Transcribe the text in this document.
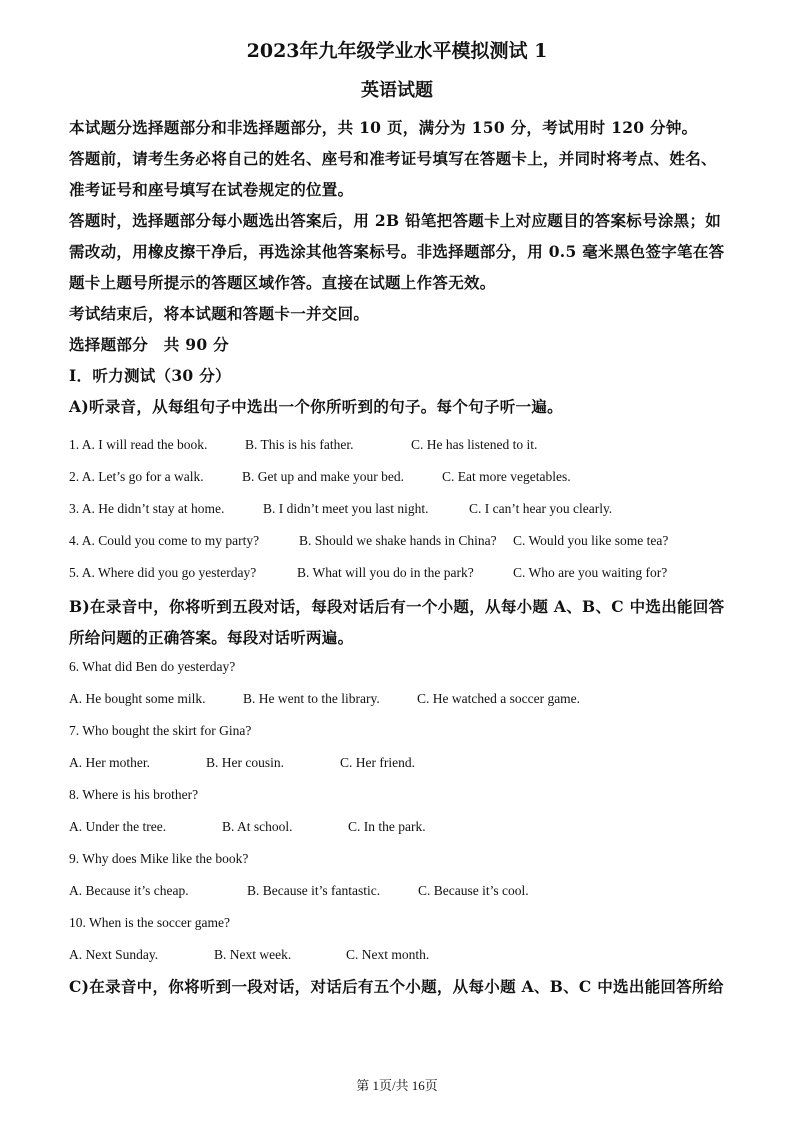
2023年九年级学业水平模拟测试 1
英语试题
本试题分选择题部分和非选择题部分，共 10 页，满分为 150 分，考试用时 120 分钟。
答题前，请考生务必将自己的姓名、座号和准考证号填写在答题卡上，并同时将考点、姓名、
准考证号和座号填写在试卷规定的位置。
答题时，选择题部分每小题选出答案后，用 2B 铅笔把答题卡上对应题目的答案标号涂黑；如
需改动，用橡皮擦干净后，再选涂其他答案标号。非选择题部分，用 0.5 毫米黑色签字笔在答
题卡上题号所提示的答题区域作答。直接在试题上作答无效。
考试结束后，将本试题和答题卡一并交回。
选择题部分　共 90 分
I．听力测试（30 分）
A)听录音，从每组句子中选出一个你所听到的句子。每个句子听一遍。
1. A. I will read the book.	B. This is his father.	C. He has listened to it.
2. A. Let’s go for a walk.	B. Get up and make your bed.	C. Eat more vegetables.
3. A. He didn’t stay at home.	B. I didn’t meet you last night.	C. I can’t hear you clearly.
4. A. Could you come to my party?	B. Should we shake hands in China? C. Would you like some tea?
5. A. Where did you go yesterday?	B. What will you do in the park?	C. Who are you waiting for?
B)在录音中，你将听到五段对话，每段对话后有一个小题，从每小题 A、B、C 中选出能回答
所给问题的正确答案。每段对话听两遍。
6. What did Ben do yesterday?
A. He bought some milk.	B. He went to the library.	C. He watched a soccer game.
7. Who bought the skirt for Gina?
A. Her mother.	B. Her cousin.	C. Her friend.
8. Where is his brother?
A. Under the tree.	B. At school.	C. In the park.
9. Why does Mike like the book?
A. Because it’s cheap.	B. Because it’s fantastic.	C. Because it’s cool.
10. When is the soccer game?
A. Next Sunday.	B. Next week.	C. Next month.
C)在录音中，你将听到一段对话，对话后有五个小题，从每小题 A、B、C 中选出能回答所给
第 1页/共 16页
